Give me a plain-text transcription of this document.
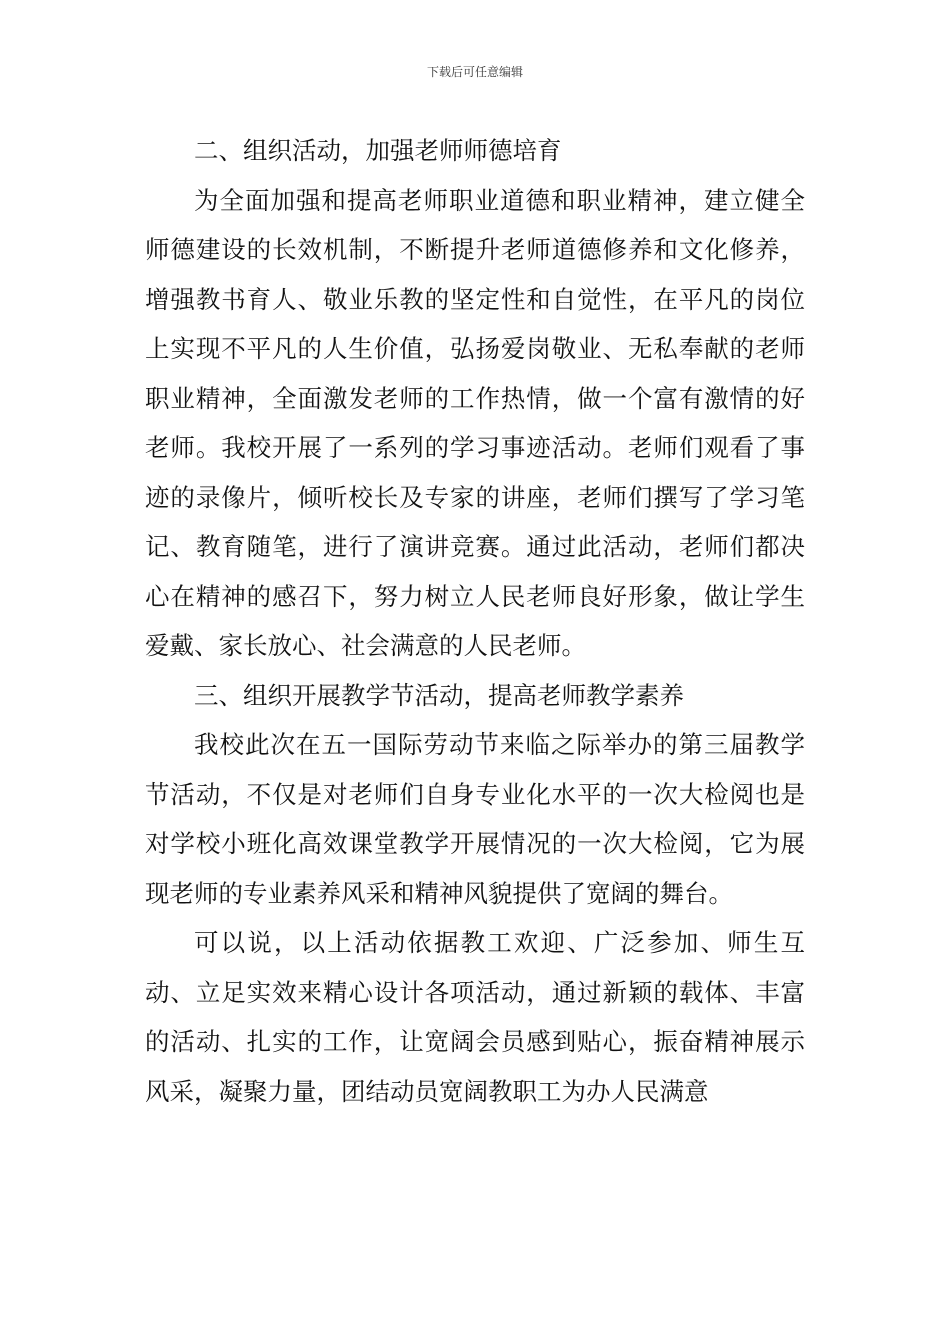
下载后可任意编辑

二、组织活动，加强老师师德培育

为全面加强和提高老师职业道德和职业精神，建立健全师德建设的长效机制，不断提升老师道德修养和文化修养，增强教书育人、敬业乐教的坚定性和自觉性，在平凡的岗位上实现不平凡的人生价值，弘扬爱岗敬业、无私奉献的老师职业精神，全面激发老师的工作热情，做一个富有激情的好老师。我校开展了一系列的学习事迹活动。老师们观看了事迹的录像片，倾听校长及专家的讲座，老师们撰写了学习笔记、教育随笔，进行了演讲竞赛。通过此活动，老师们都决心在精神的感召下，努力树立人民老师良好形象，做让学生爱戴、家长放心、社会满意的人民老师。

三、组织开展教学节活动，提高老师教学素养

我校此次在五一国际劳动节来临之际举办的第三届教学节活动，不仅是对老师们自身专业化水平的一次大检阅也是对学校小班化高效课堂教学开展情况的一次大检阅，它为展现老师的专业素养风采和精神风貌提供了宽阔的舞台。

可以说，以上活动依据教工欢迎、广泛参加、师生互动、立足实效来精心设计各项活动，通过新颖的载体、丰富的活动、扎实的工作，让宽阔会员感到贴心，振奋精神展示风采，凝聚力量，团结动员宽阔教职工为办人民满意
